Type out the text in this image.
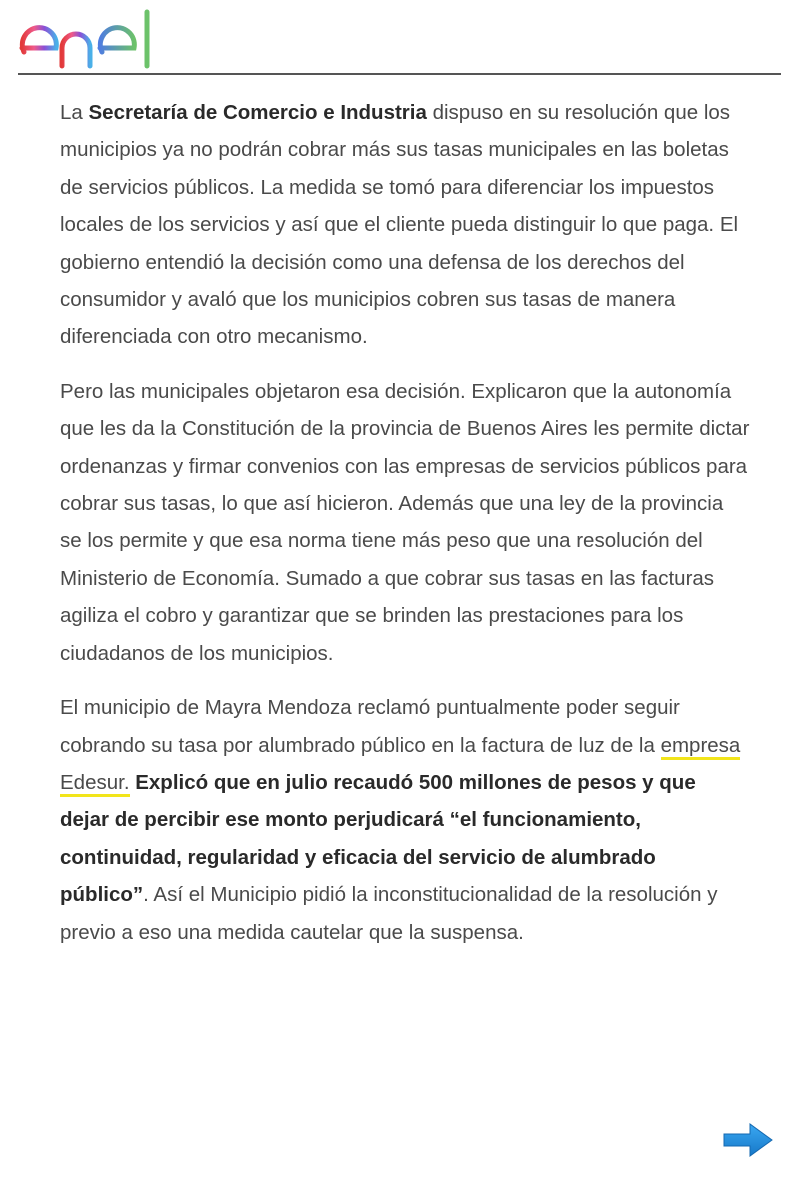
La Secretaría de Comercio e Industria dispuso en su resolución que los municipios ya no podrán cobrar más sus tasas municipales en las boletas de servicios públicos. La medida se tomó para diferenciar los impuestos locales de los servicios y así que el cliente pueda distinguir lo que paga. El gobierno entendió la decisión como una defensa de los derechos del consumidor y avaló que los municipios cobren sus tasas de manera diferenciada con otro mecanismo.

Pero las municipales objetaron esa decisión. Explicaron que la autonomía que les da la Constitución de la provincia de Buenos Aires les permite dictar ordenanzas y firmar convenios con las empresas de servicios públicos para cobrar sus tasas, lo que así hicieron. Además que una ley de la provincia se los permite y que esa norma tiene más peso que una resolución del Ministerio de Economía. Sumado a que cobrar sus tasas en las facturas agiliza el cobro y garantizar que se brinden las prestaciones para los ciudadanos de los municipios.

El municipio de Mayra Mendoza reclamó puntualmente poder seguir cobrando su tasa por alumbrado público en la factura de luz de la empresa Edesur. Explicó que en julio recaudó 500 millones de pesos y que dejar de percibir ese monto perjudicará “el funcionamiento, continuidad, regularidad y eficacia del servicio de alumbrado público”. Así el Municipio pidió la inconstitucionalidad de la resolución y previo a eso una medida cautelar que la suspensa.
